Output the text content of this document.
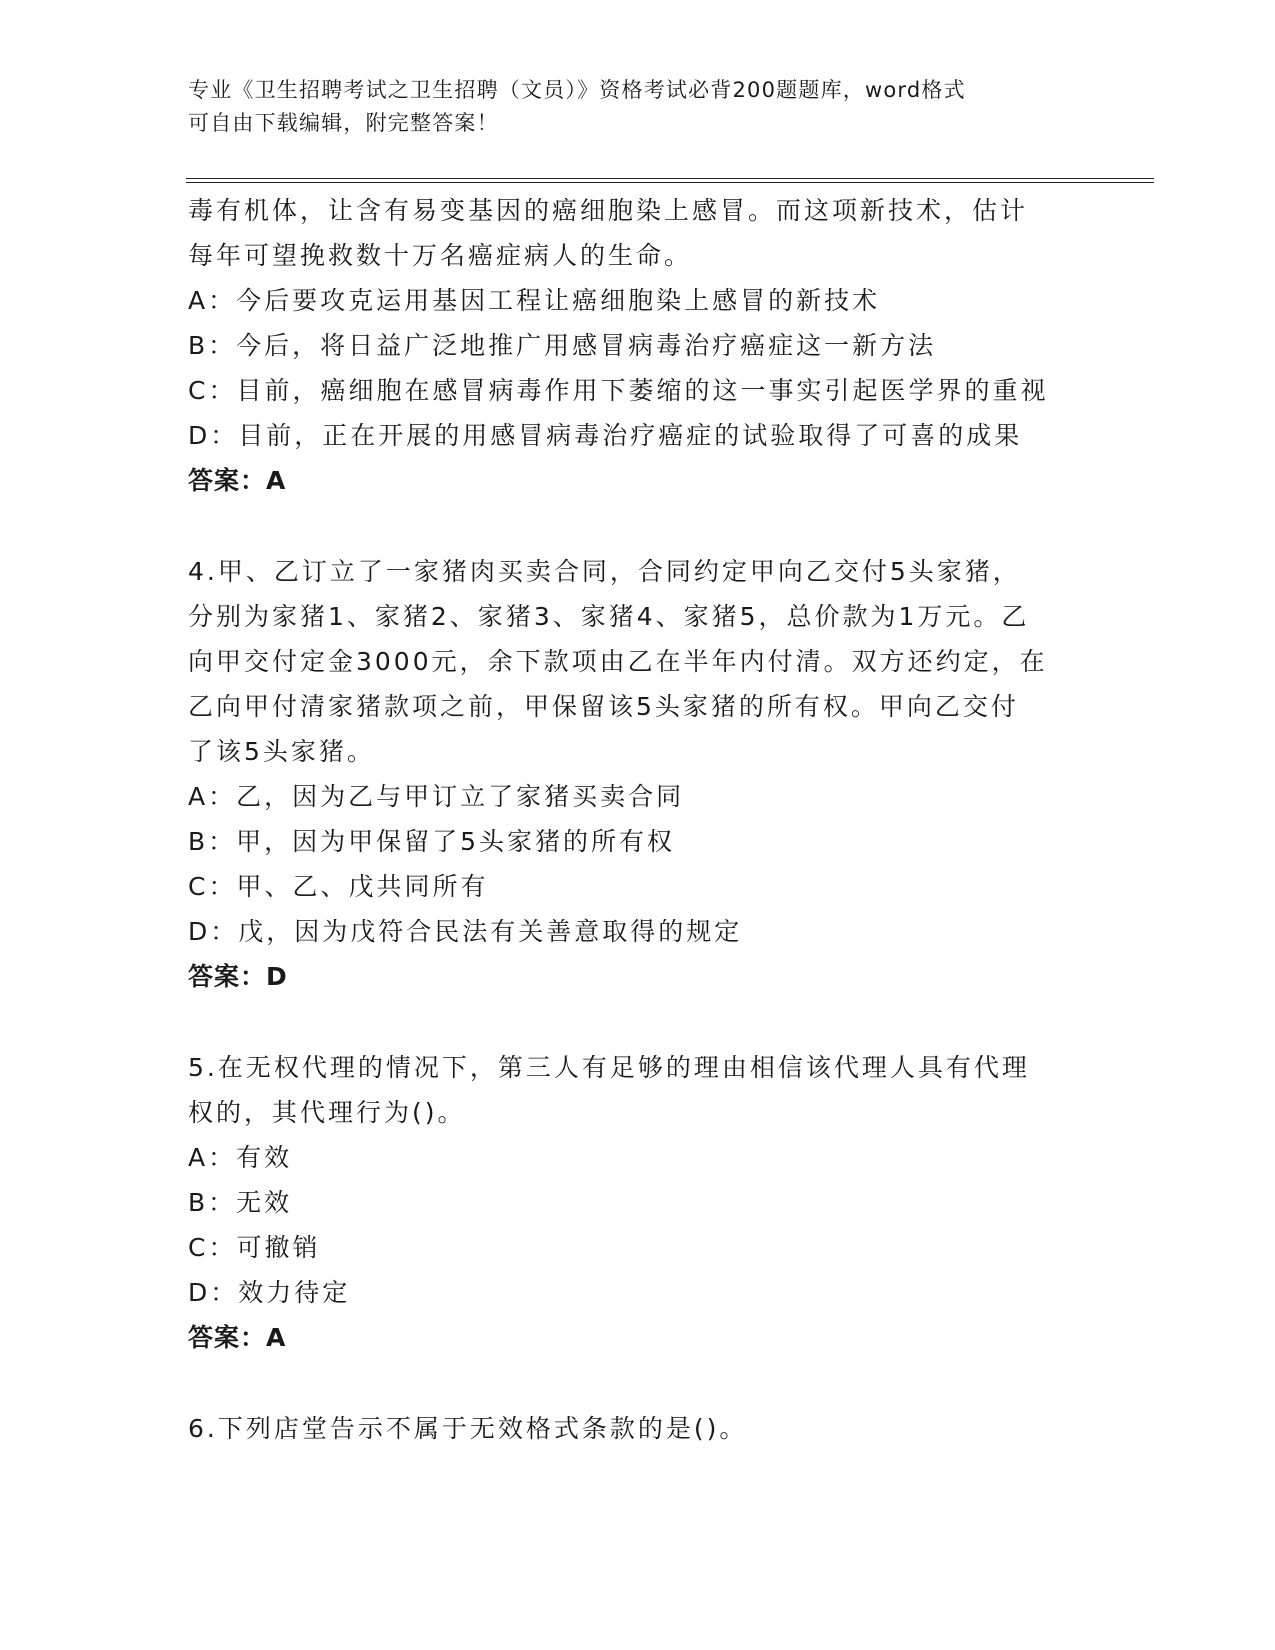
专业《卫生招聘考试之卫生招聘（文员）》资格考试必背200题题库，word格式
可自由下载编辑，附完整答案！

毒有机体，让含有易变基因的癌细胞染上感冒。而这项新技术，估计

每年可望挽救数十万名癌症病人的生命。

A：今后要攻克运用基因工程让癌细胞染上感冒的新技术
B：今后，将日益广泛地推广用感冒病毒治疗癌症这一新方法
C：目前，癌细胞在感冒病毒作用下萎缩的这一事实引起医学界的重视
D：目前，正在开展的用感冒病毒治疗癌症的试验取得了可喜的成果
答案：A

4.甲、乙订立了一家猪肉买卖合同，合同约定甲向乙交付5头家猪，

分别为家猪1、家猪2、家猪3、家猪4、家猪5，总价款为1万元。乙

向甲交付定金3000元，余下款项由乙在半年内付清。双方还约定，在

乙向甲付清家猪款项之前，甲保留该5头家猪的所有权。甲向乙交付

了该5头家猪。

A：乙，因为乙与甲订立了家猪买卖合同
B：甲，因为甲保留了5头家猪的所有权
C：甲、乙、戊共同所有
D：戊，因为戊符合民法有关善意取得的规定
答案：D

5.在无权代理的情况下，第三人有足够的理由相信该代理人具有代理

权的，其代理行为()。

A：有效
B：无效
C：可撤销
D：效力待定
答案：A

6.下列店堂告示不属于无效格式条款的是()。
